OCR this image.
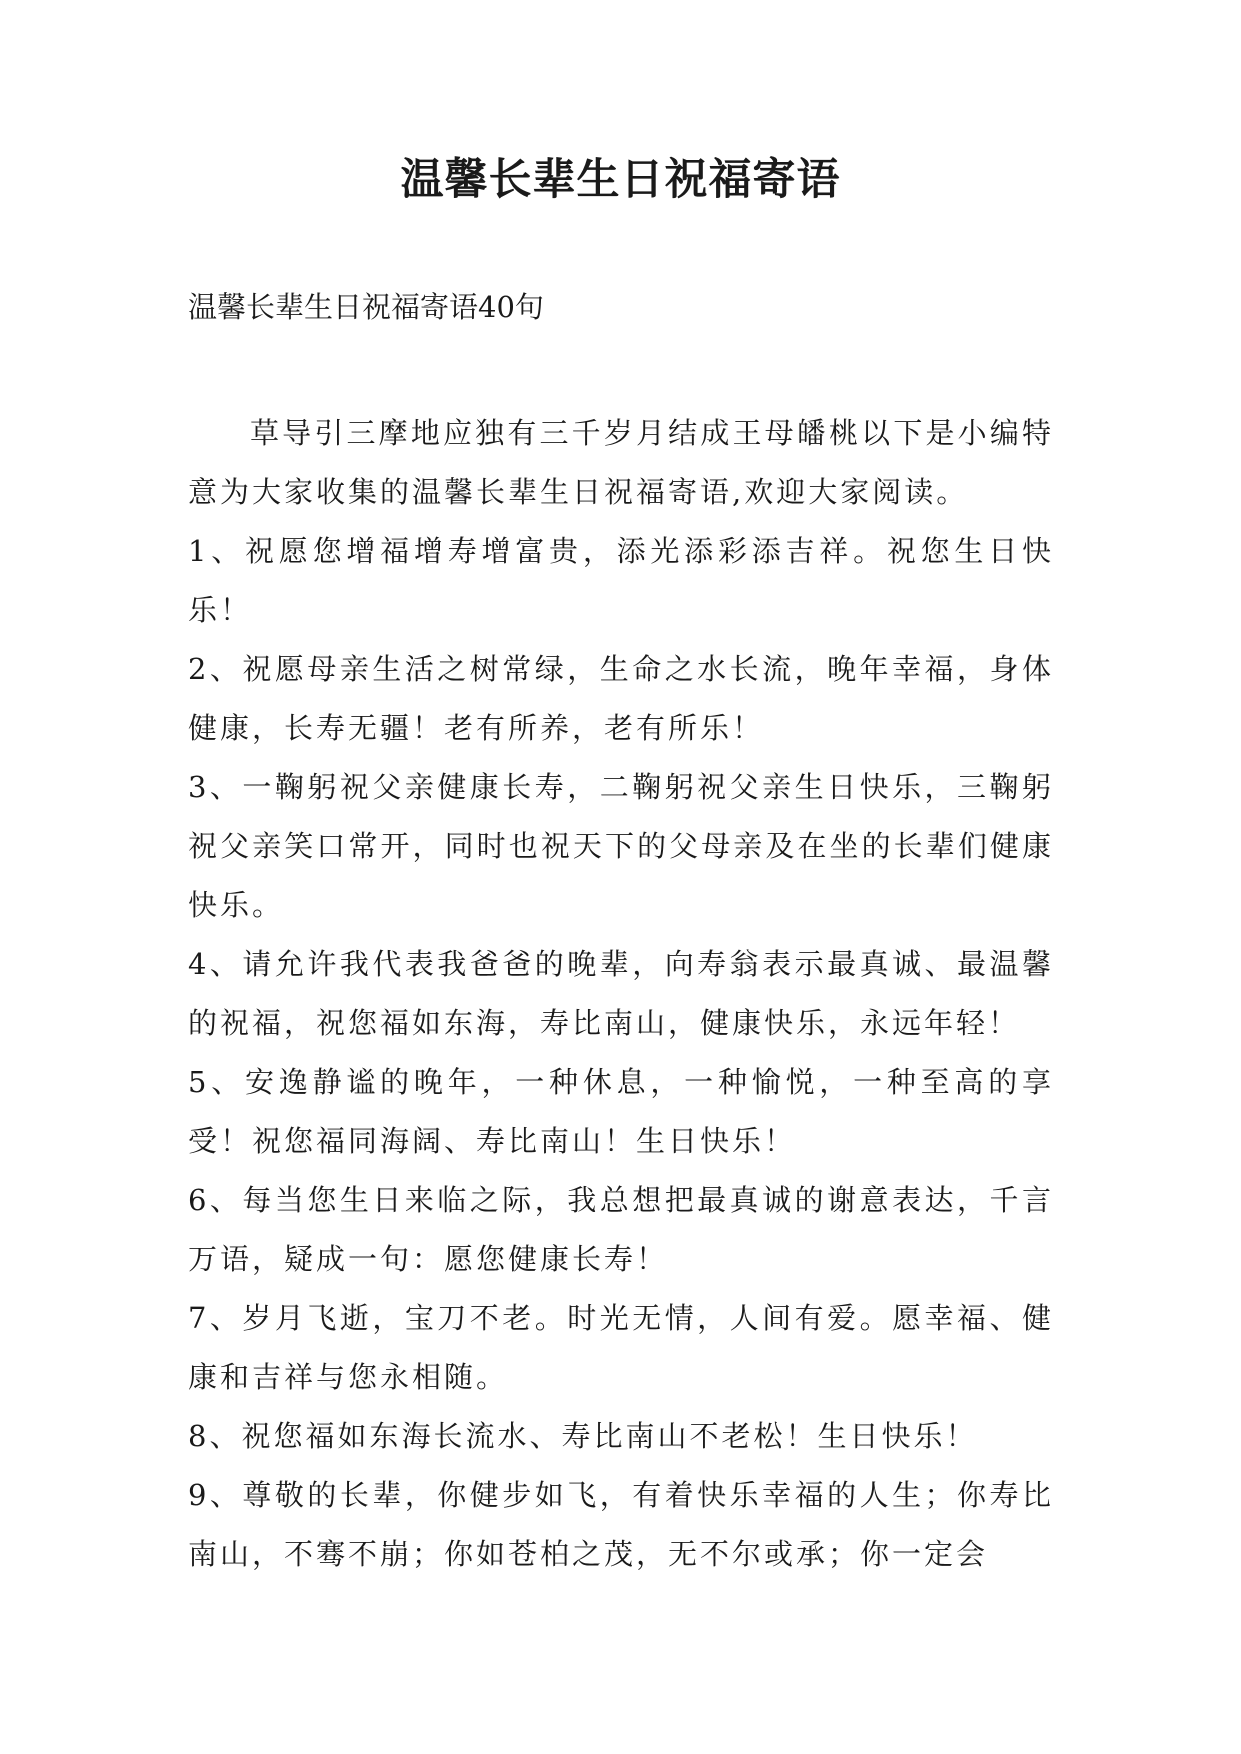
温馨长辈生日祝福寄语
温馨长辈生日祝福寄语40句

草导引三摩地应独有三千岁月结成王母皤桃以下是小编特意为大家收集的温馨长辈生日祝福寄语,欢迎大家阅读。

1、祝愿您增福增寿增富贵，添光添彩添吉祥。祝您生日快乐！

2、祝愿母亲生活之树常绿，生命之水长流，晚年幸福，身体健康，长寿无疆！老有所养，老有所乐！

3、一鞠躬祝父亲健康长寿，二鞠躬祝父亲生日快乐，三鞠躬祝父亲笑口常开，同时也祝天下的父母亲及在坐的长辈们健康快乐。

4、请允许我代表我爸爸的晚辈，向寿翁表示最真诚、最温馨的祝福，祝您福如东海，寿比南山，健康快乐，永远年轻！

5、安逸静谧的晚年，一种休息，一种愉悦，一种至高的享受！祝您福同海阔、寿比南山！生日快乐！

6、每当您生日来临之际，我总想把最真诚的谢意表达，千言万语，疑成一句：愿您健康长寿！

7、岁月飞逝，宝刀不老。时光无情，人间有爱。愿幸福、健康和吉祥与您永相随。

8、祝您福如东海长流水、寿比南山不老松！生日快乐！

9、尊敬的长辈，你健步如飞，有着快乐幸福的人生；你寿比南山，不骞不崩；你如苍柏之茂，无不尔或承；你一定会
